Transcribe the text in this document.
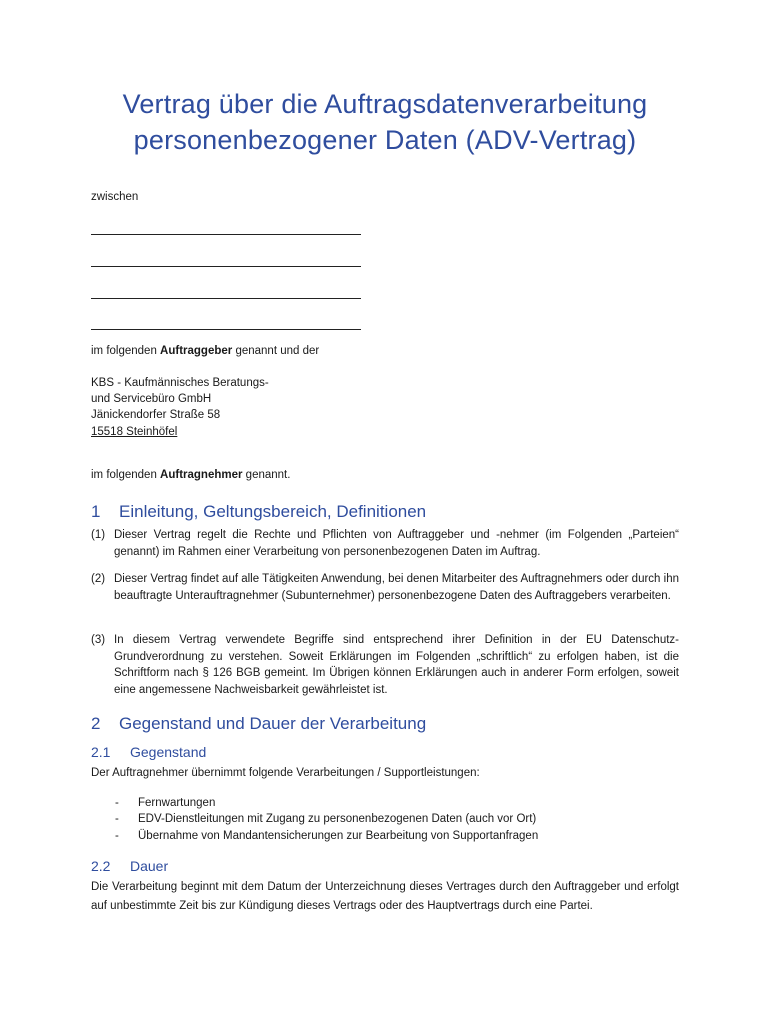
Vertrag über die Auftragsdatenverarbeitung
personenbezogener Daten (ADV-Vertrag)
zwischen
im folgenden Auftraggeber genannt und der
KBS - Kaufmännisches Beratungs-
und Servicebüro GmbH
Jänickendorfer Straße 58
15518 Steinhöfel
im folgenden Auftragnehmer genannt.
1 Einleitung, Geltungsbereich, Definitionen
(1) Dieser Vertrag regelt die Rechte und Pflichten von Auftraggeber und -nehmer (im Folgenden „Parteien“ genannt) im Rahmen einer Verarbeitung von personenbezogenen Daten im Auftrag.
(2) Dieser Vertrag findet auf alle Tätigkeiten Anwendung, bei denen Mitarbeiter des Auftragnehmers oder durch ihn beauftragte Unterauftragnehmer (Subunternehmer) personenbezogene Daten des Auftraggebers verarbeiten.
(3) In diesem Vertrag verwendete Begriffe sind entsprechend ihrer Definition in der EU Datenschutz-Grundverordnung zu verstehen. Soweit Erklärungen im Folgenden „schriftlich“ zu erfolgen haben, ist die Schriftform nach § 126 BGB gemeint. Im Übrigen können Erklärungen auch in anderer Form erfolgen, soweit eine angemessene Nachweisbarkeit gewährleistet ist.
2 Gegenstand und Dauer der Verarbeitung
2.1 Gegenstand
Der Auftragnehmer übernimmt folgende Verarbeitungen / Supportleistungen:
-	Fernwartungen
-	EDV-Dienstleitungen mit Zugang zu personenbezogenen Daten (auch vor Ort)
-	Übernahme von Mandantensicherungen zur Bearbeitung von Supportanfragen
2.2 Dauer
Die Verarbeitung beginnt mit dem Datum der Unterzeichnung dieses Vertrages durch den Auftraggeber und erfolgt auf unbestimmte Zeit bis zur Kündigung dieses Vertrags oder des Hauptvertrags durch eine Partei.
